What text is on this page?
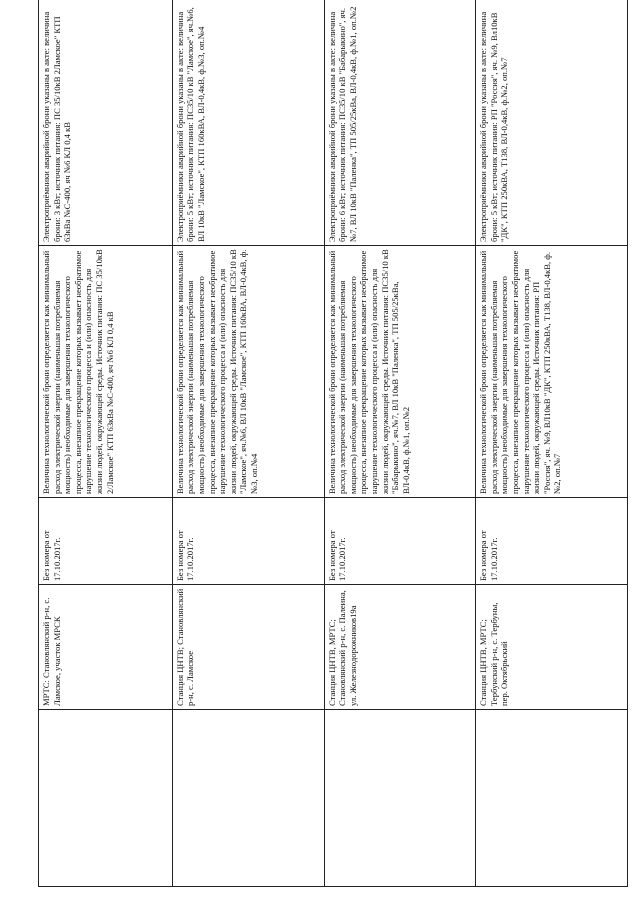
	МРТС: Становлянский р-н, с. Ламское, участок МРСК	Без номера от 17.10.2017г.	Величина технологической брони определяется как минимальный расход электрической энергии (наименьшая потребляемая мощность) необходимые для завершения технологического процесса, внезапное прекращение которых вызывает необратимое нарушение технологического процесса и (или) опасность для жизни людей, окружающей среды. Источник питания: ПС 35/10кВ 2/Ламское" КТП 63кВа №С-400, яч №6 КЛ 0,4 кВ	Электроприёмники аварийной брони указаны в акте: величина брони: 3 кВт; источник питания: ПС 35/10кВ 2Ламское" КТП 63кВа №С-400, яч №6 КЛ 0,4 кВ
	Станция ЦНТВ; Становлянский р-н, с. Ламское	Без номера от 17.10.2017г.	Величина технологической брони определяется как минимальный расход электрической энергии (наименьшая потребляемая мощность) необходимые для завершения технологического процесса, внезапное прекращение которых вызывает необратимое нарушение технологического процесса и (или) опасность для жизни людей, окружающей среды. Источник питания: ПС35/10 кВ "Ламское", яч.№6, ВЛ 10кВ "Ламское", КТП 160кВА, ВЛ-0,4кВ, ф.№3, оп.№4	Электроприёмники аварийной брони указаны в акте: величина брони: 5 кВт; источник питания: ПС35/10 кВ "Ламское", яч.№6, ВЛ 10кВ "Ламское", КТП 160кВА, ВЛ-0,4кВ, ф.№3, оп.№4
	Станция ЦНТВ, МРТС; Становлянский р-н, с. Палеина, ул. Железнодорожников19а	Без номера от 17.10.2017г.	Величина технологической брони определяется как минимальный расход электрической энергии (наименьшая потребляемая мощность) необходимые для завершения технологического процесса, внезапное прекращение которых вызывает необратимое нарушение технологического процесса и (или) опасность для жизни людей, окружающей среды. Источник питания: ПС35/10 кВ "Бабарыкино", яч.№7, ВЛ 10кВ "Паленка", ТП 505/25кВа, ВЛ-0,4кВ, ф.№1, оп.№2	Электроприёмники аварийной брони указаны в акте: величина брони: 6 кВт; источник питания: ПС35/10 кВ "Бабарыкино", яч.№7, ВЛ 10кВ "Паленка", ТП 505/25кВа, ВЛ-0,4кВ, ф.№1, оп.№2
	Станция ЦНТВ, МРТС; Тербунский р-н, с. Тербуны, пер. Октябрьский	Без номера от 17.10.2017г.	Величина технологической брони определяется как минимальный расход электрической энергии (наименьшая потребляемая мощность) необходимые для завершения технологического процесса, внезапное прекращение которых вызывает необратимое нарушение технологического процесса и (или) опасность для жизни людей, окружающей среды. Источник питания: РП "Россия", яч. №9, ВЛ10кВ "ДК", КТП 250кВА, Т138, ВЛ-0,4кВ, ф.№2, оп.№7	Электроприёмники аварийной брони указаны в акте: величина брони: 5 кВт; источник питания: РП "Россия", яч. №9, Вл10кВ "ДК", КТП 250кВА, Т138, ВЛ-0,4кВ, ф.№2, оп.№7
